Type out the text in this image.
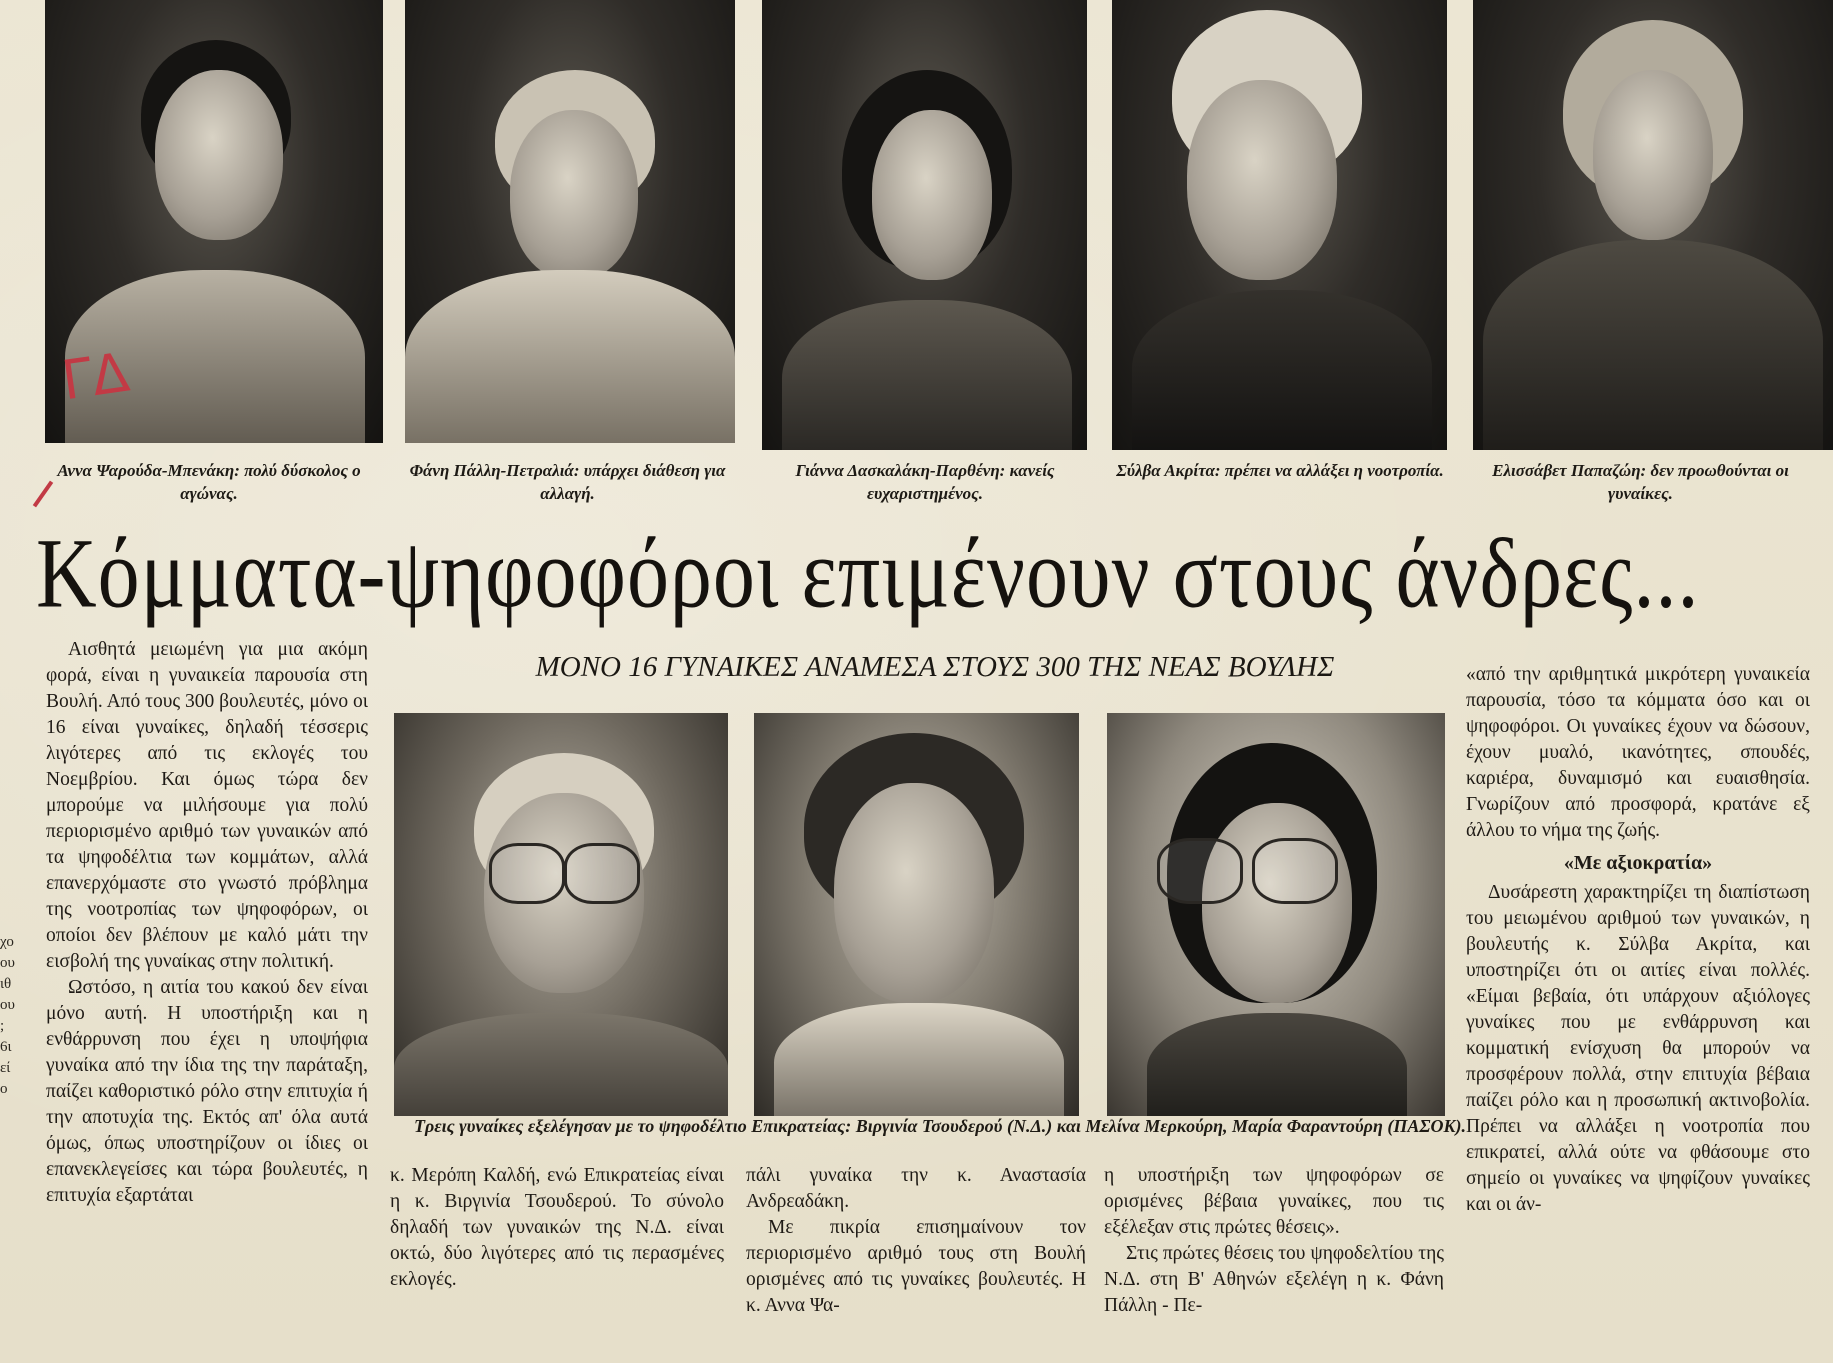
ΓΔ
Αννα Ψαρούδα-Μπενάκη: πολύ δύσκολος ο αγώνας.
Φάνη Πάλλη-Πετραλιά: υπάρχει διάθεση για αλλαγή.
Γιάννα Δασκαλάκη-Παρθένη: κανείς ευχαριστημένος.
Σύλβα Ακρίτα: πρέπει να αλλάξει η νοοτροπία.	Ελισσάβετ Παπαζώη: δεν προωθούνται οι γυναίκες.
Κόμματα-ψηφοφόροι επιμένουν στους άνδρες...
ΜΟΝΟ 16 ΓΥΝΑΙΚΕΣ ΑΝΑΜΕΣΑ ΣΤΟΥΣ 300 ΤΗΣ ΝΕΑΣ ΒΟΥΛΗΣ

Αισθητά μειωμένη για μια ακόμη φορά, είναι η γυναικεία παρουσία στη Βουλή. Από τους 300 βουλευτές, μόνο οι 16 είναι γυναίκες, δηλαδή τέσσερις λιγότερες από τις εκλογές του Νοεμβρίου. Και όμως τώρα δεν μπορούμε να μιλήσουμε για πολύ περιορισμένο αριθμό των γυναικών από τα ψηφοδέλτια των κομμάτων, αλλά επανερχόμαστε στο γνωστό πρόβλημα της νοοτροπίας των ψηφοφόρων, οι οποίοι δεν βλέπουν με καλό μάτι την εισβολή της γυναίκας στην πολιτική.

Ωστόσο, η αιτία του κακού δεν είναι μόνο αυτή. Η υποστήριξη και η ενθάρρυνση που έχει η υποψήφια γυναίκα από την ίδια της την παράταξη, παίζει καθοριστικό ρόλο στην επιτυχία ή την αποτυχία της. Εκτός απ' όλα αυτά όμως, όπως υποστηρίζουν οι ίδιες οι επανεκλεγείσες και τώρα βουλευτές, η επιτυχία εξαρτάται

χο
ου
ιθ
ου
;
6ι
εί
ο
Τρεις γυναίκες εξελέγησαν με το ψηφοδέλτιο Επικρατείας: Βιργινία Τσουδερού (Ν.Δ.) και Μελίνα Μερκούρη, Μαρία Φαραντούρη (ΠΑΣΟΚ).

κ. Μερόπη Καλδή, ενώ Επικρατείας είναι η κ. Βιργινία Τσουδερού. Το σύνολο δηλαδή των γυναικών της Ν.Δ. είναι οκτώ, δύο λιγότερες από τις περασμένες εκλογές.

πάλι γυναίκα την κ. Αναστασία Ανδρεαδάκη.

Με πικρία επισημαίνουν τον περιορισμένο αριθμό τους στη Βουλή ορισμένες από τις γυναίκες βουλευτές. Η κ. Αννα Ψα-

η υποστήριξη των ψηφοφόρων σε ορισμένες βέβαια γυναίκες, που τις εξέλεξαν στις πρώτες θέσεις».

Στις πρώτες θέσεις του ψηφοδελτίου της Ν.Δ. στη Β' Αθηνών εξελέγη η κ. Φάνη Πάλλη - Πε-

«από την αριθμητικά μικρότερη γυναικεία παρουσία, τόσο τα κόμματα όσο και οι ψηφοφόροι. Οι γυναίκες έχουν να δώσουν, έχουν μυαλό, ικανότητες, σπουδές, καριέρα, δυναμισμό και ευαισθησία. Γνωρίζουν από προσφορά, κρατάνε εξ άλλου το νήμα της ζωής.

«Με αξιοκρατία»

Δυσάρεστη χαρακτηρίζει τη διαπίστωση του μειωμένου αριθμού των γυναικών, η βουλευτής κ. Σύλβα Ακρίτα, και υποστηρίζει ότι οι αιτίες είναι πολλές. «Είμαι βεβαία, ότι υπάρχουν αξιόλογες γυναίκες που με ενθάρρυνση και κομματική ενίσχυση θα μπορούν να προσφέρουν πολλά, στην επιτυχία βέβαια παίζει ρόλο και η προσωπική ακτινοβολία. Πρέπει να αλλάξει η νοοτροπία που επικρατεί, αλλά ούτε να φθάσουμε στο σημείο οι γυναίκες να ψηφίζουν γυναίκες και οι άν-
